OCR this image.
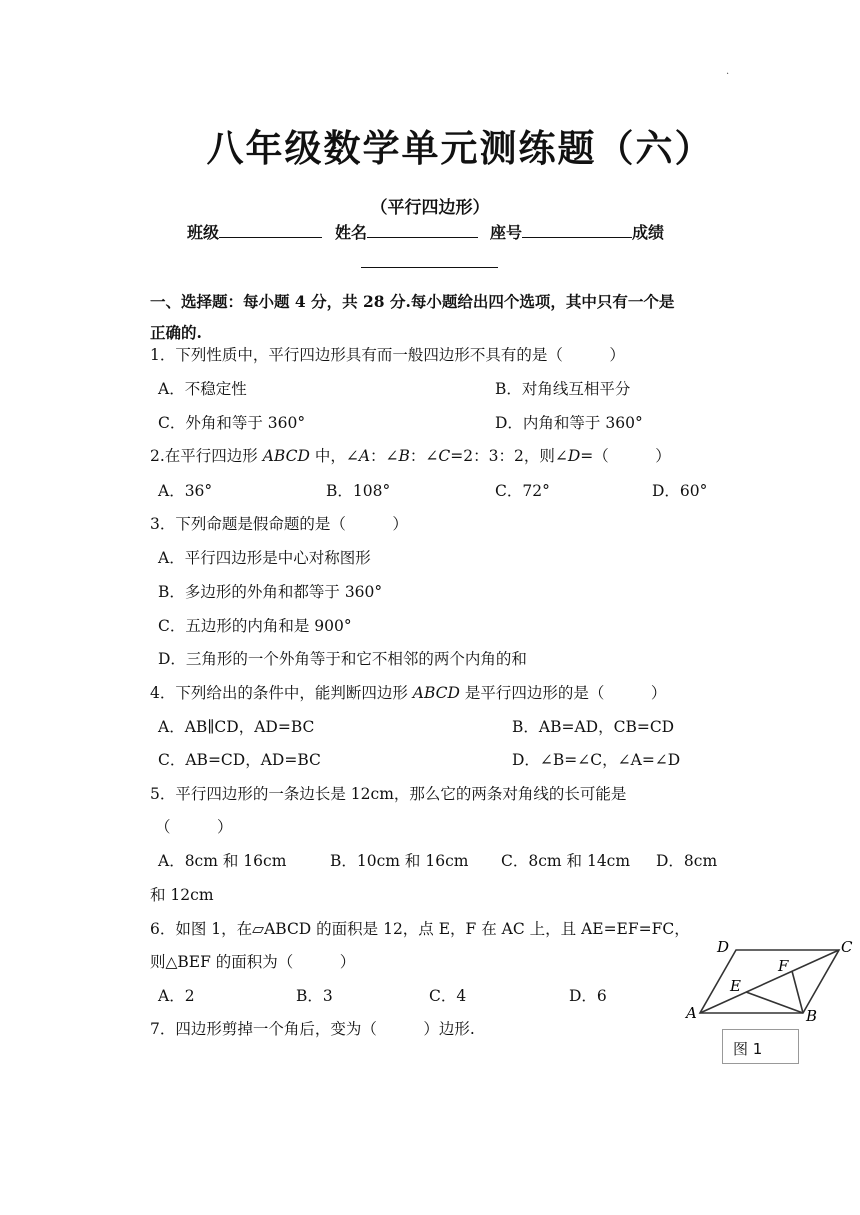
.
八年级数学单元测练题（六）
（平行四边形）
班级	姓名	座号	成绩
一、选择题：每小题 4 分，共 28 分.每小题给出四个选项，其中只有一个是
正确的.
1．下列性质中，平行四边形具有而一般四边形不具有的是（　　　）
A．不稳定性	B．对角线互相平分
C．外角和等于 360°	D．内角和等于 360°
2.在平行四边形 ABCD 中，∠A：∠B：∠C=2：3：2，则∠D=（　　　）
A．36°	B．108°	C．72°	D．60°
3．下列命题是假命题的是（　　　）
A．平行四边形是中心对称图形
B．多边形的外角和都等于 360°
C．五边形的内角和是 900°
D．三角形的一个外角等于和它不相邻的两个内角的和
4．下列给出的条件中，能判断四边形 ABCD 是平行四边形的是（　　　）
A．AB∥CD，AD=BC	B．AB=AD，CB=CD
C．AB=CD，AD=BC	D．∠B=∠C，∠A=∠D
5．平行四边形的一条边长是 12cm，那么它的两条对角线的长可能是
（　　　）
A．8cm 和 16cm	B．10cm 和 16cm C．8cm 和 14cm D．8cm
和 12cm
6．如图 1，在▱ABCD 的面积是 12，点 E，F 在 AC 上，且 AE=EF=FC，
则△BEF 的面积为（　　　）
A．2	B．3	C．4	D．6
7．四边形剪掉一个角后，变为（　　　）边形.
A	B
C
D
E
F
图 1
